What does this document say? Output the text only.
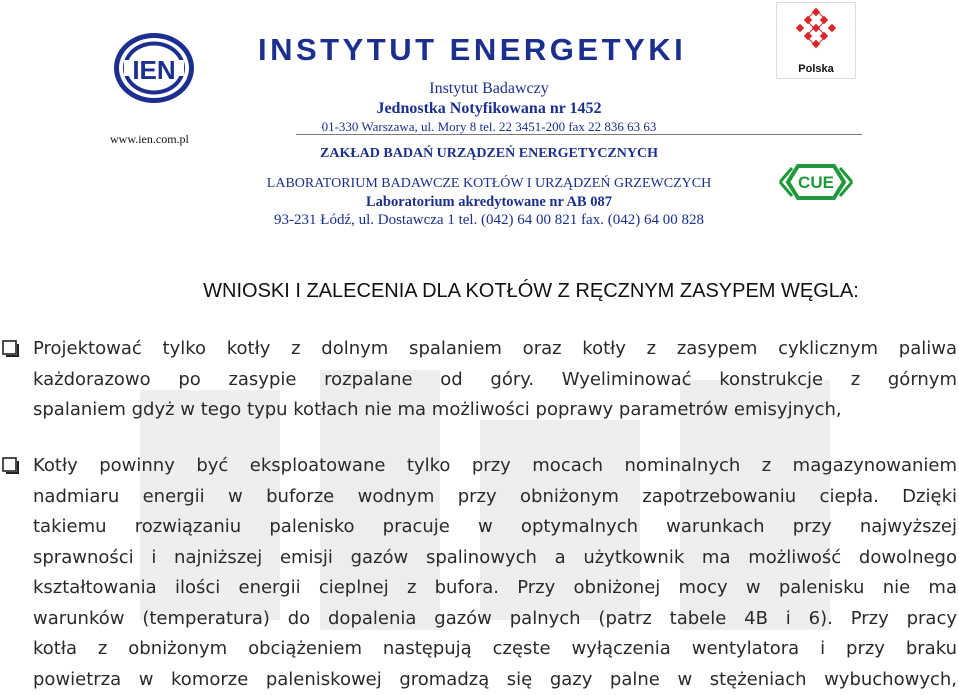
IEN
www.ien.com.pl
INSTYTUT ENERGETYKI
Instytut Badawczy
Jednostka Notyfikowana nr 1452
01-330 Warszawa, ul. Mory 8 tel. 22 3451-200 fax 22 836 63 63
ZAKŁAD BADAŃ URZĄDZEŃ ENERGETYCZNYCH
LABORATORIUM BADAWCZE KOTŁÓW I URZĄDZEŃ GRZEWCZYCH
Laboratorium akredytowane nr AB 087
93-231 Łódź, ul. Dostawcza 1 tel. (042) 64 00 821 fax. (042) 64 00 828
Polska
CUE
WNIOSKI I ZALECENIA DLA KOTŁÓW Z RĘCZNYM ZASYPEM WĘGLA:
Projektować tylko kotły z dolnym spalaniem oraz kotły z zasypem cyklicznym paliwa
każdorazowo po zasypie rozpalane od góry. Wyeliminować konstrukcje z górnym
spalaniem gdyż w tego typu kotłach nie ma możliwości poprawy parametrów emisyjnych,
Kotły powinny być eksploatowane tylko przy mocach nominalnych z magazynowaniem
nadmiaru energii w buforze wodnym przy obniżonym zapotrzebowaniu ciepła. Dzięki
takiemu rozwiązaniu palenisko pracuje w optymalnych warunkach przy najwyższej
sprawności i najniższej emisji gazów spalinowych a użytkownik ma możliwość dowolnego
kształtowania ilości energii cieplnej z bufora. Przy obniżonej mocy w palenisku nie ma
warunków (temperatura) do dopalenia gazów palnych (patrz tabele 4B i 6). Przy pracy
kotła z obniżonym obciążeniem następują częste wyłączenia wentylatora i przy braku
powietrza w komorze paleniskowej gromadzą się gazy palne w stężeniach wybuchowych,
